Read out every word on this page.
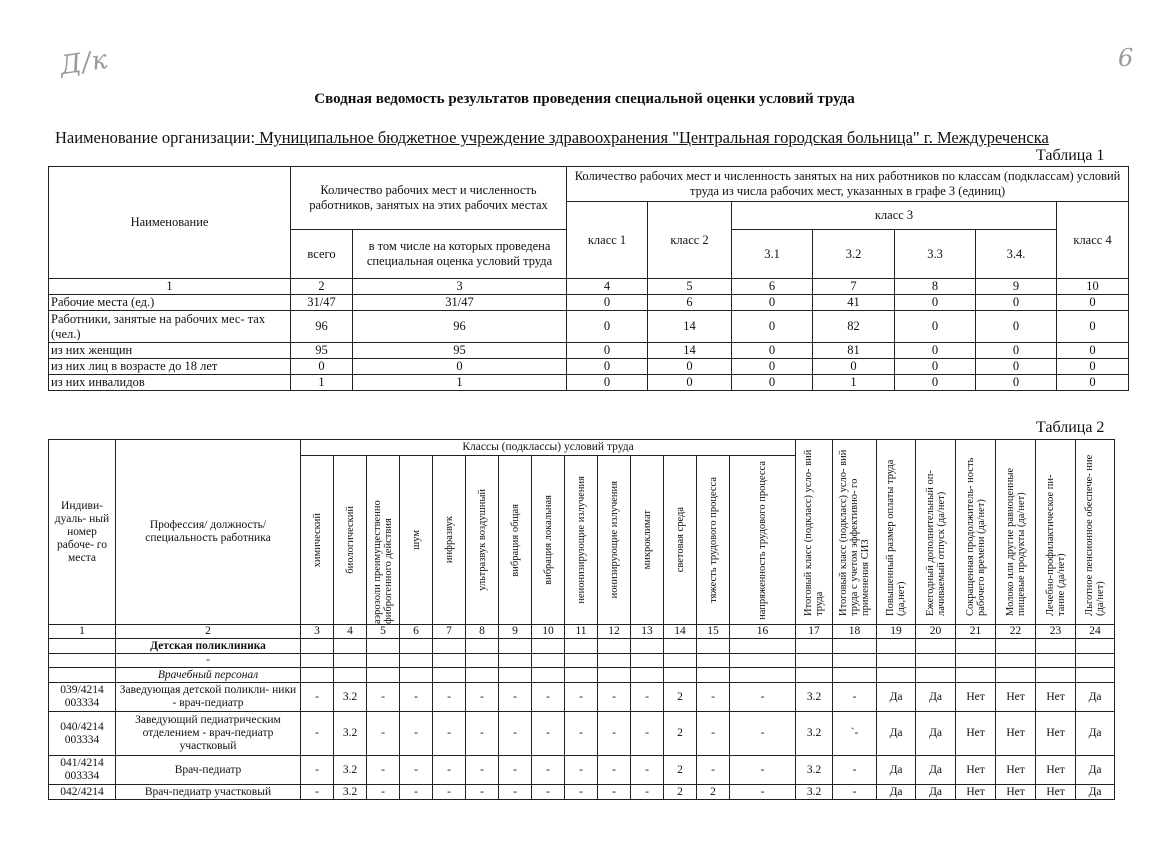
Д/к	6
Сводная ведомость результатов проведения специальной оценки условий труда
Наименование организации: Муниципальное бюджетное учреждение здравоохранения "Центральная городская больница" г. Междуреченска
Таблица 1
Наименование	Количество рабочих мест и численность работников, занятых на этих рабочих местах		Количество рабочих мест и численность занятых на них работников по классам (подклассам) условий труда из числа рабочих мест, указанных в графе 3 (единиц)						
			класс 1	класс 2	класс 3				класс 4
	всего	в том числе на которых проведена специальная оценка условий труда			3.1	3.2	3.3	3.4.	
1	2	3	4	5	6	7	8	9	10
Рабочие места (ед.)	31/47	31/47	0	6	0	41	0	0	0
Работники, занятые на рабочих мес- тах (чел.)	96	96	0	14	0	82	0	0	0
из них женщин	95	95	0	14	0	81	0	0	0
из них лиц в возрасте до 18 лет	0	0	0	0	0	0	0	0	0
из них инвалидов	1	1	0	0	0	1	0	0	0
Таблица 2
Индиви- дуаль- ный номер рабоче- го места	Профессия/ должность/ специальность работника	Классы (подклассы) условий труда														Итоговый класс (подкласс) усло- вий труда	Итоговый класс (подкласс) усло- вий труда с учетом эффективно- го применения СИЗ	Повышенный размер оплаты труда (да,нет)	Ежегодный дополнительный оп- лачиваемый отпуск (да/нет)	Сокращенная продолжитель- ность рабочего времени (да/нет)	Молоко или другие равноценные пищевые продукты (да/нет)	Лечебно-профилактическое пи- тание (да/нет)	Льготное пенсионное обеспече- ние (да/нет)

		химический	биологический	аэрозоли преимущественно фиброгенного действия	шум	инфразвук	ультразвук воздушный	вибрация общая	вибрация локальная	неионизирующие излучения	ионизирующие излучения	микроклимат	световая среда	тяжесть трудового процесса	напряженность трудового процесса								

1	2	3	4	5	6	7	8	9	10	11	12	13	14	15	16	17	18	19	20	21	22	23	24
	Детская поликлиника																						
	-																						
	Врачебный персонал																						
039/4214 003334	Заведующая детской поликли- ники - врач-педиатр	-	3.2	-	-	-	-	-	-	-	-	-	2	-	-	3.2	-	Да	Да	Нет	Нет	Нет	Да
040/4214 003334	Заведующий педиатрическим отделением - врач-педиатр участковый	-	3.2	-	-	-	-	-	-	-	-	-	2	-	-	3.2	`-	Да	Да	Нет	Нет	Нет	Да
041/4214 003334	Врач-педиатр	-	3.2	-	-	-	-	-	-	-	-	-	2	-	-	3.2	-	Да	Да	Нет	Нет	Нет	Да
042/4214	Врач-педиатр участковый	-	3.2	-	-	-	-	-	-	-	-	-	2	2	-	3.2	-	Да	Да	Нет	Нет	Нет	Да
